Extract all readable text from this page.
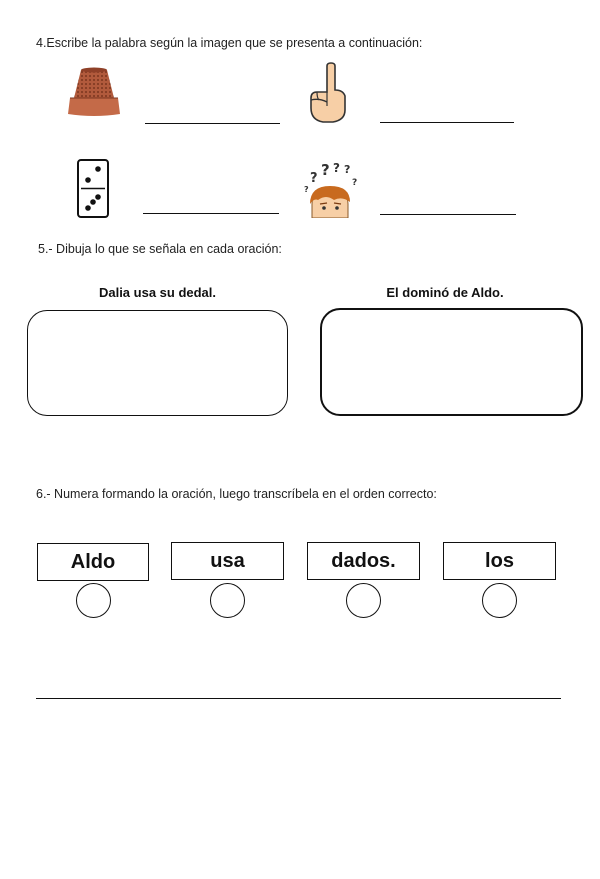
4.Escribe la palabra según la imagen que se presenta a continuación:
? ? ? ?
?
?
5.- Dibuja lo que se señala en cada oración:
Dalia usa su dedal.	El dominó de Aldo.
6.- Numera formando la oración, luego transcríbela en el orden correcto:
Aldo	usa	dados.	los
